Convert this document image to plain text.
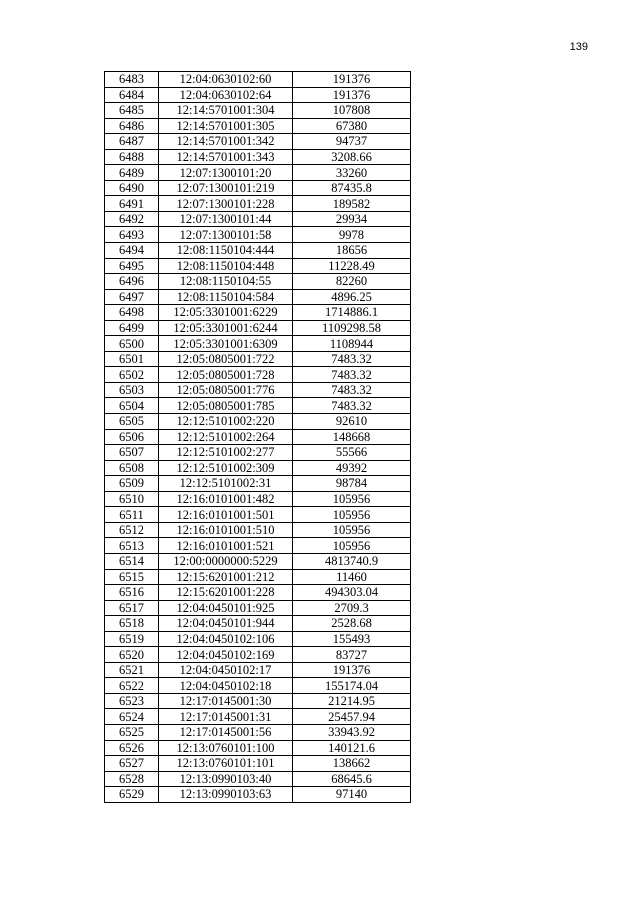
139
6483	12:04:0630102:60	191376
6484	12:04:0630102:64	191376
6485	12:14:5701001:304	107808
6486	12:14:5701001:305	67380
6487	12:14:5701001:342	94737
6488	12:14:5701001:343	3208.66
6489	12:07:1300101:20	33260
6490	12:07:1300101:219	87435.8
6491	12:07:1300101:228	189582
6492	12:07:1300101:44	29934
6493	12:07:1300101:58	9978
6494	12:08:1150104:444	18656
6495	12:08:1150104:448	11228.49
6496	12:08:1150104:55	82260
6497	12:08:1150104:584	4896.25
6498	12:05:3301001:6229	1714886.1
6499	12:05:3301001:6244	1109298.58
6500	12:05:3301001:6309	1108944
6501	12:05:0805001:722	7483.32
6502	12:05:0805001:728	7483.32
6503	12:05:0805001:776	7483.32
6504	12:05:0805001:785	7483.32
6505	12:12:5101002:220	92610
6506	12:12:5101002:264	148668
6507	12:12:5101002:277	55566
6508	12:12:5101002:309	49392
6509	12:12:5101002:31	98784
6510	12:16:0101001:482	105956
6511	12:16:0101001:501	105956
6512	12:16:0101001:510	105956
6513	12:16:0101001:521	105956
6514	12:00:0000000:5229	4813740.9
6515	12:15:6201001:212	11460
6516	12:15:6201001:228	494303.04
6517	12:04:0450101:925	2709.3
6518	12:04:0450101:944	2528.68
6519	12:04:0450102:106	155493
6520	12:04:0450102:169	83727
6521	12:04:0450102:17	191376
6522	12:04:0450102:18	155174.04
6523	12:17:0145001:30	21214.95
6524	12:17:0145001:31	25457.94
6525	12:17:0145001:56	33943.92
6526	12:13:0760101:100	140121.6
6527	12:13:0760101:101	138662
6528	12:13:0990103:40	68645.6
6529	12:13:0990103:63	97140
